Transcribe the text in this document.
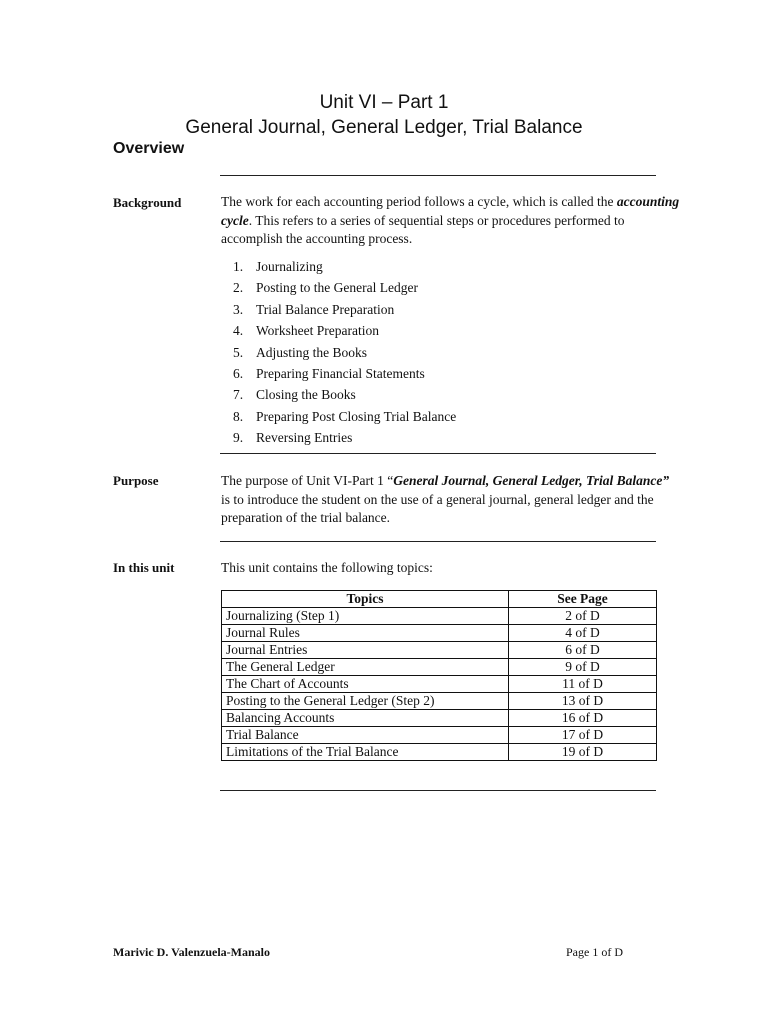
Unit VI – Part 1
General Journal, General Ledger, Trial Balance
Overview
Background	The work for each accounting period follows a cycle, which is called the accounting cycle. This refers to a series of sequential steps or procedures performed to accomplish the accounting process.
1. Journalizing
2. Posting to the General Ledger
3. Trial Balance Preparation
4. Worksheet Preparation
5. Adjusting the Books
6. Preparing Financial Statements
7. Closing the Books
8. Preparing Post Closing Trial Balance
9. Reversing Entries
Purpose	The purpose of Unit VI-Part 1 “General Journal, General Ledger, Trial Balance” is to introduce the student on the use of a general journal, general ledger and the preparation of the trial balance.
In this unit	This unit contains the following topics:
Topics	See Page
Journalizing (Step 1)	2 of D
Journal Rules	4 of D
Journal Entries	6 of D
The General Ledger	9 of D
The Chart of Accounts	11 of D
Posting to the General Ledger (Step 2)	13 of D
Balancing Accounts	16 of D
Trial Balance	17 of D
Limitations of the Trial Balance	19 of D
Marivic D. Valenzuela-Manalo	Page 1 of D
